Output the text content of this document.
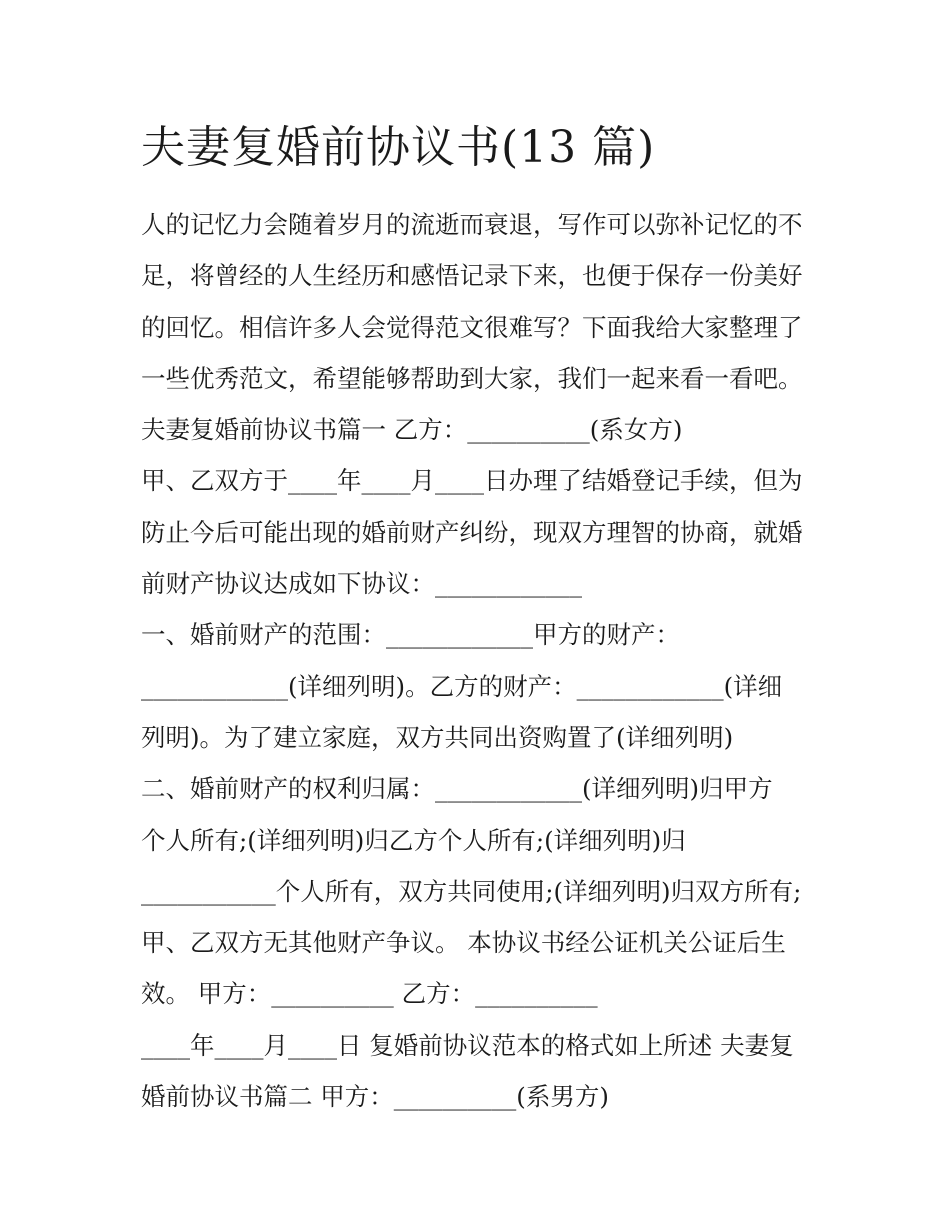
夫妻复婚前协议书(13 篇)
人的记忆力会随着岁月的流逝而衰退，写作可以弥补记忆的不
足，将曾经的人生经历和感悟记录下来，也便于保存一份美好
的回忆。相信许多人会觉得范文很难写？下面我给大家整理了
一些优秀范文，希望能够帮助到大家，我们一起来看一看吧。
夫妻复婚前协议书篇一 乙方：__________(系女方)
甲、乙双方于____年____月____日办理了结婚登记手续，但为
防止今后可能出现的婚前财产纠纷，现双方理智的协商，就婚
前财产协议达成如下协议：____________
一、婚前财产的范围：____________甲方的财产：
____________(详细列明)。乙方的财产：____________(详细
列明)。为了建立家庭，双方共同出资购置了(详细列明)
二、婚前财产的权利归属：____________(详细列明)归甲方
个人所有;(详细列明)归乙方个人所有;(详细列明)归
___________个人所有，双方共同使用;(详细列明)归双方所有;
甲、乙双方无其他财产争议。 本协议书经公证机关公证后生
效。 甲方：__________ 乙方：__________
____年____月____日 复婚前协议范本的格式如上所述 夫妻复
婚前协议书篇二 甲方：__________(系男方)
